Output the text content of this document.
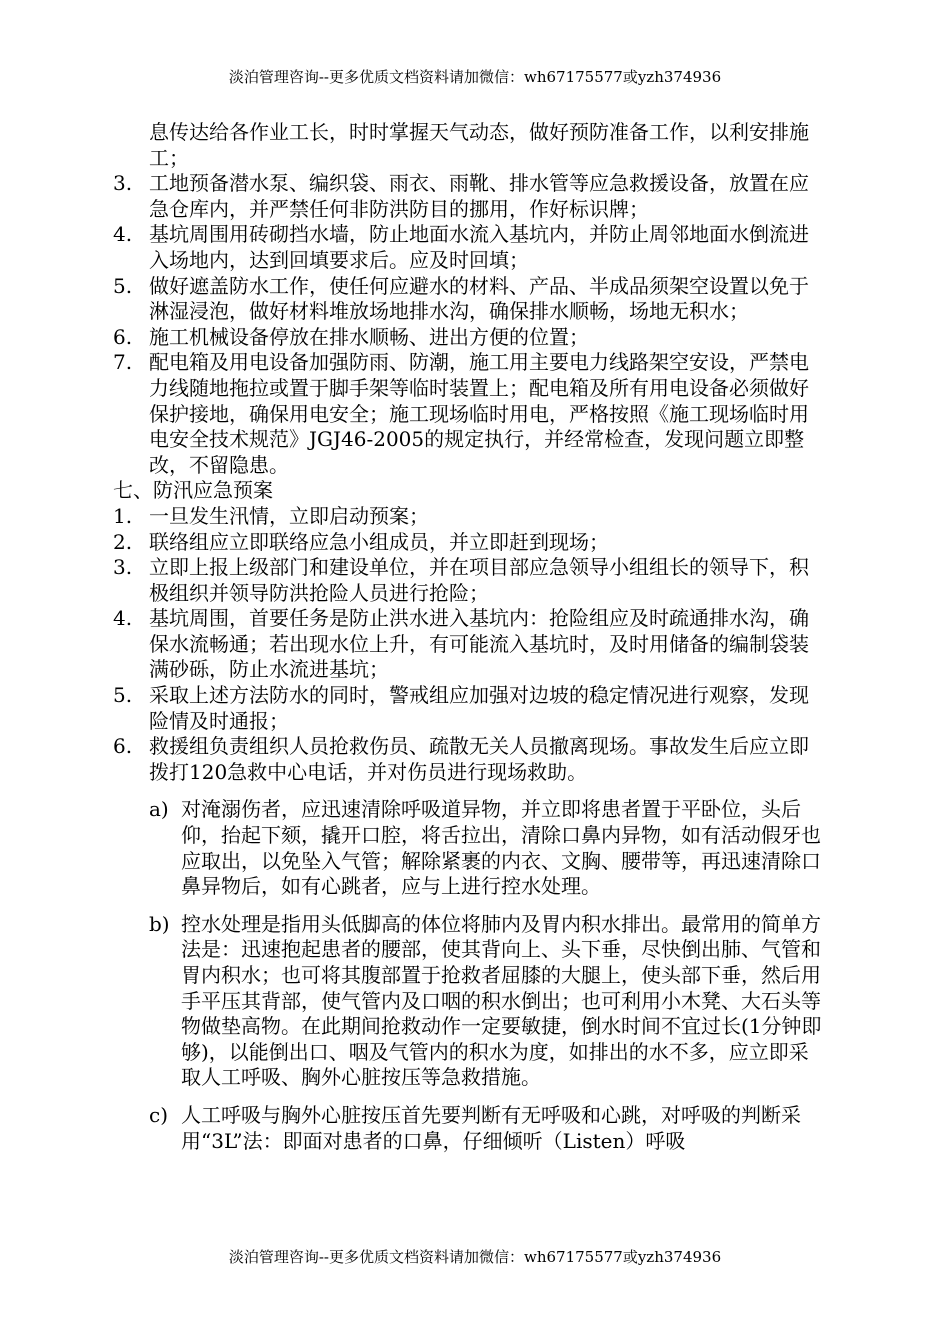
淡泊管理咨询--更多优质文档资料请加微信：wh67175577或yzh374936

息传达给各作业工长，时时掌握天气动态，做好预防准备工作，以利安排施工；

3. 工地预备潜水泵、编织袋、雨衣、雨靴、排水管等应急救援设备，放置在应急仓库内，并严禁任何非防洪防目的挪用，作好标识牌；
4. 基坑周围用砖砌挡水墙，防止地面水流入基坑内，并防止周邻地面水倒流进入场地内，达到回填要求后。应及时回填；
5. 做好遮盖防水工作，使任何应避水的材料、产品、半成品须架空设置以免于淋湿浸泡，做好材料堆放场地排水沟，确保排水顺畅，场地无积水；
6. 施工机械设备停放在排水顺畅、进出方便的位置；
7. 配电箱及用电设备加强防雨、防潮，施工用主要电力线路架空安设，严禁电力线随地拖拉或置于脚手架等临时装置上；配电箱及所有用电设备必须做好保护接地，确保用电安全；施工现场临时用电，严格按照《施工现场临时用电安全技术规范》JGJ46-2005的规定执行，并经常检查，发现问题立即整改，不留隐患。

七、防汛应急预案

1. 一旦发生汛情，立即启动预案；
2. 联络组应立即联络应急小组成员，并立即赶到现场；
3. 立即上报上级部门和建设单位，并在项目部应急领导小组组长的领导下，积极组织并领导防洪抢险人员进行抢险；
4. 基坑周围，首要任务是防止洪水进入基坑内：抢险组应及时疏通排水沟，确保水流畅通；若出现水位上升，有可能流入基坑时，及时用储备的编制袋装满砂砾，防止水流进基坑；
5. 采取上述方法防水的同时，警戒组应加强对边坡的稳定情况进行观察，发现险情及时通报；
6. 救援组负责组织人员抢救伤员、疏散无关人员撤离现场。事故发生后应立即拨打120急救中心电话，并对伤员进行现场救助。
a) 对淹溺伤者，应迅速清除呼吸道异物，并立即将患者置于平卧位，头后仰，抬起下颏，撬开口腔，将舌拉出，清除口鼻内异物，如有活动假牙也应取出，以免坠入气管；解除紧裹的内衣、文胸、腰带等，再迅速清除口鼻异物后，如有心跳者，应与上进行控水处理。
b) 控水处理是指用头低脚高的体位将肺内及胃内积水排出。最常用的简单方法是：迅速抱起患者的腰部，使其背向上、头下垂，尽快倒出肺、气管和胃内积水；也可将其腹部置于抢救者屈膝的大腿上，使头部下垂，然后用手平压其背部，使气管内及口咽的积水倒出；也可利用小木凳、大石头等物做垫高物。在此期间抢救动作一定要敏捷，倒水时间不宜过长(1分钟即够)，以能倒出口、咽及气管内的积水为度，如排出的水不多，应立即采取人工呼吸、胸外心脏按压等急救措施。
c) 人工呼吸与胸外心脏按压首先要判断有无呼吸和心跳，对呼吸的判断采用“3L”法：即面对患者的口鼻，仔细倾听（Listen）呼吸
淡泊管理咨询--更多优质文档资料请加微信：wh67175577或yzh374936
